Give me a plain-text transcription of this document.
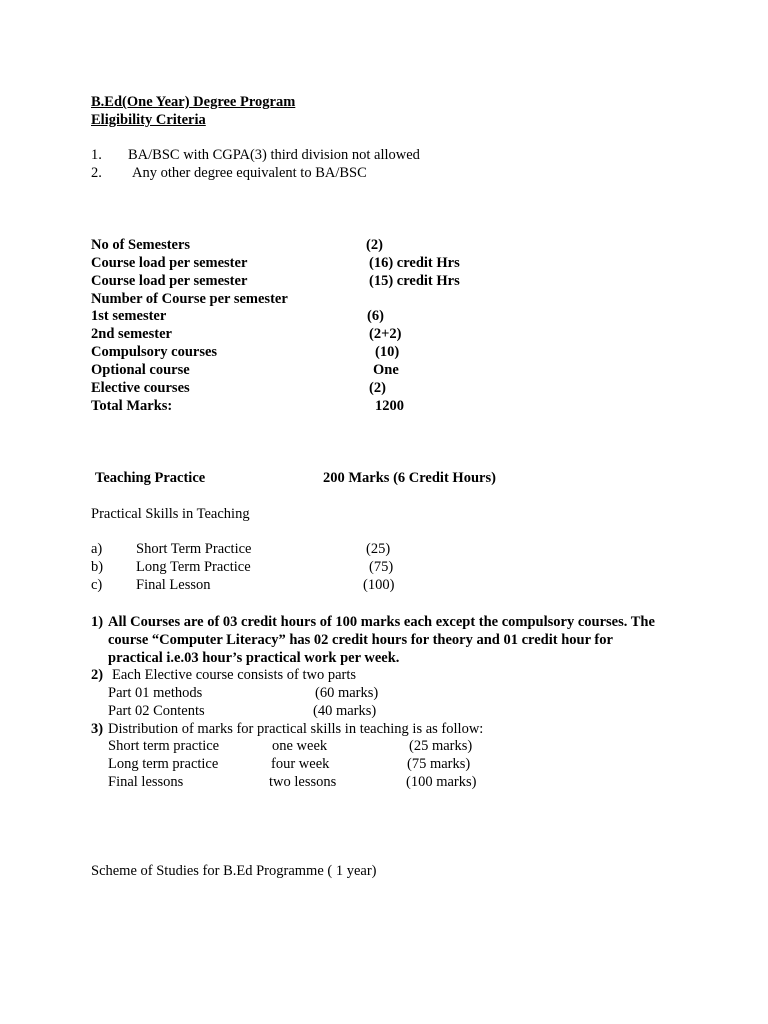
B.Ed(One Year) Degree Program
Eligibility Criteria
1. BA/BSC with CGPA(3) third division not allowed
2. Any other degree equivalent to BA/BSC
No of Semesters	(2)
Course load per semester	(16) credit Hrs
Course load per semester	(15) credit Hrs
Number of Course per semester
1st semester	(6)
2nd semester	(2+2)
Compulsory courses	(10)
Optional course	One
Elective courses	(2)
Total Marks:	1200
Teaching Practice	200 Marks (6 Credit Hours)
Practical Skills in Teaching
a) Short Term Practice	(25)
b) Long Term Practice	(75)
c) Final Lesson	(100)
1) All Courses are of 03 credit hours of 100 marks each except the compulsory courses. The
course “Computer Literacy” has 02 credit hours for theory and 01 credit hour for
practical i.e.03 hour’s practical work per week.
2) Each Elective course consists of two parts
Part 01 methods	(60 marks)
Part 02 Contents	(40 marks)
3) Distribution of marks for practical skills in teaching is as follow:
Short term practice	one week	(25 marks)
Long term practice	four week	(75 marks)
Final lessons	two lessons	(100 marks)
Scheme of Studies for B.Ed Programme ( 1 year)
